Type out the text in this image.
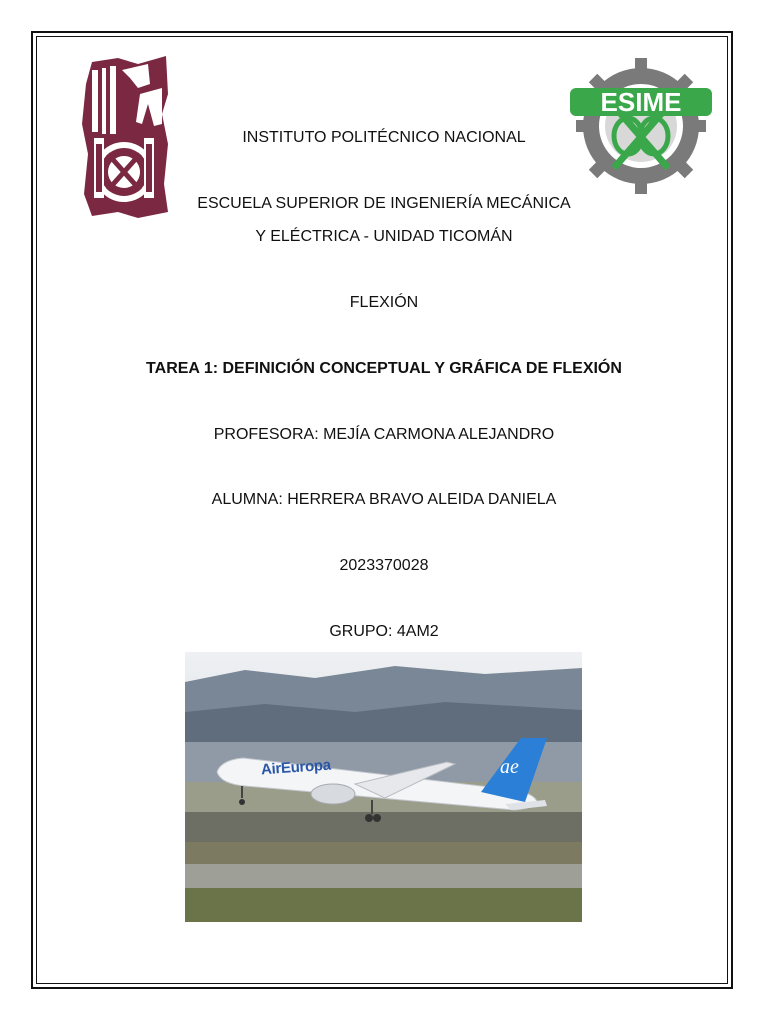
ESIME
INSTITUTO POLITÉCNICO NACIONAL
ESCUELA SUPERIOR DE INGENIERÍA MECÁNICA
Y ELÉCTRICA - UNIDAD TICOMÁN
FLEXIÓN
TAREA 1: DEFINICIÓN CONCEPTUAL Y GRÁFICA DE FLEXIÓN
PROFESORA: MEJÍA CARMONA ALEJANDRO
ALUMNA: HERRERA BRAVO ALEIDA DANIELA
2023370028
GRUPO: 4AM2
AirEuropa	ae
